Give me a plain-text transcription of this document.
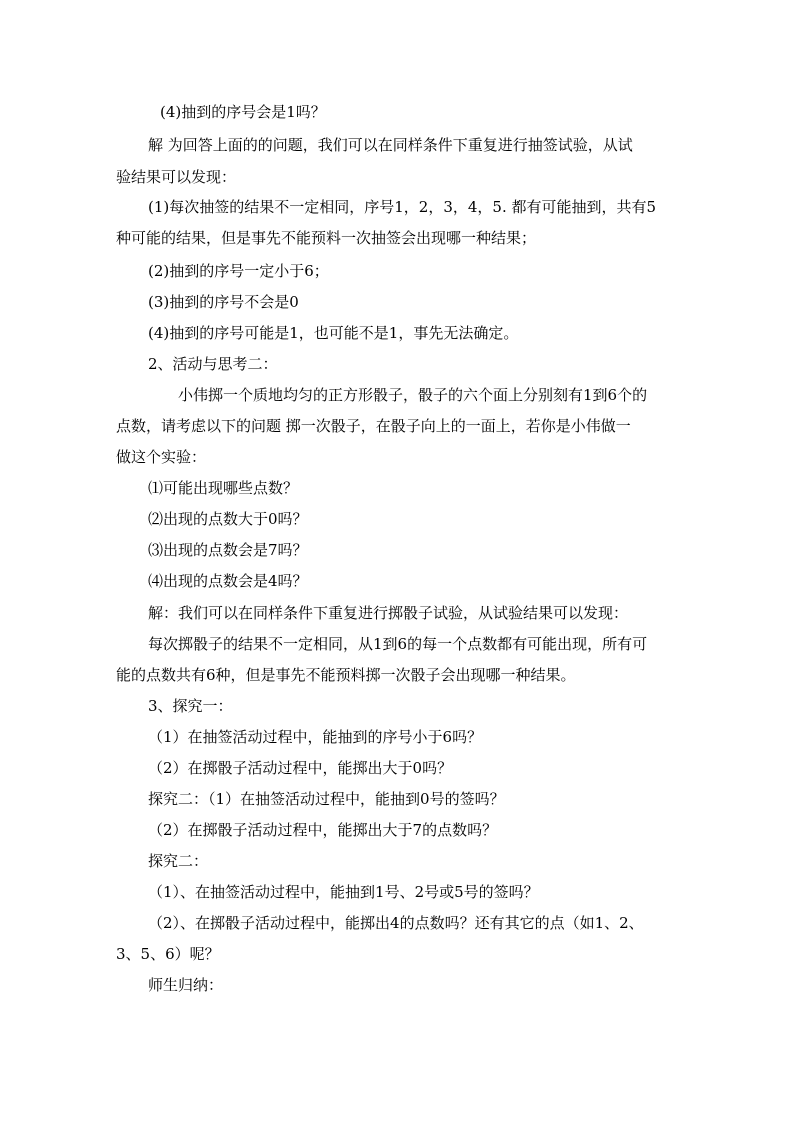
(4)抽到的序号会是1吗？
解 为回答上面的的问题，我们可以在同样条件下重复进行抽签试验，从试
验结果可以发现：
(1)每次抽签的结果不一定相同，序号1，2，3，4，5. 都有可能抽到，共有5
种可能的结果，但是事先不能预料一次抽签会出现哪一种结果；
(2)抽到的序号一定小于6；
(3)抽到的序号不会是0
(4)抽到的序号可能是1，也可能不是1，事先无法确定。
2、活动与思考二：
小伟掷一个质地均匀的正方形骰子，骰子的六个面上分别刻有1到6个的
点数，请考虑以下的问题 掷一次骰子，在骰子向上的一面上，若你是小伟做一
做这个实验：
⑴可能出现哪些点数？
⑵出现的点数大于0吗？
⑶出现的点数会是7吗？
⑷出现的点数会是4吗？
解：我们可以在同样条件下重复进行掷骰子试验，从试验结果可以发现：
每次掷骰子的结果不一定相同，从1到6的每一个点数都有可能出现，所有可
能的点数共有6种，但是事先不能预料掷一次骰子会出现哪一种结果。
3、探究一：
（1）在抽签活动过程中，能抽到的序号小于6吗？
（2）在掷骰子活动过程中，能掷出大于0吗？
探究二：（1）在抽签活动过程中，能抽到0号的签吗？
（2）在掷骰子活动过程中，能掷出大于7的点数吗？
探究二：
（1）、在抽签活动过程中，能抽到1号、2号或5号的签吗？
（2）、在掷骰子活动过程中，能掷出4的点数吗？还有其它的点（如1、2、
3、5、6）呢？
师生归纳：
